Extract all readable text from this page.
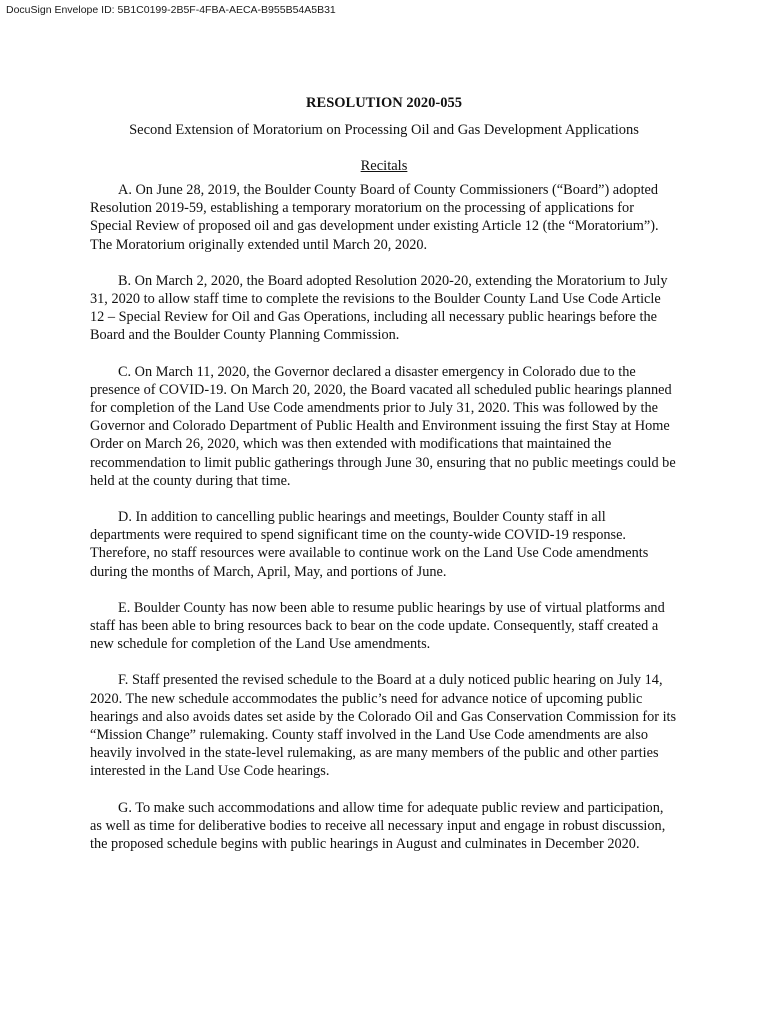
DocuSign Envelope ID: 5B1C0199-2B5F-4FBA-AECA-B955B54A5B31

RESOLUTION 2020-055

Second Extension of Moratorium on Processing Oil and Gas Development Applications

Recitals

A. On June 28, 2019, the Boulder County Board of County Commissioners (“Board”) adopted Resolution 2019-59, establishing a temporary moratorium on the processing of applications for Special Review of proposed oil and gas development under existing Article 12 (the “Moratorium”). The Moratorium originally extended until March 20, 2020.

B. On March 2, 2020, the Board adopted Resolution 2020-20, extending the Moratorium to July 31, 2020 to allow staff time to complete the revisions to the Boulder County Land Use Code Article 12 – Special Review for Oil and Gas Operations, including all necessary public hearings before the Board and the Boulder County Planning Commission.

C. On March 11, 2020, the Governor declared a disaster emergency in Colorado due to the presence of COVID-19. On March 20, 2020, the Board vacated all scheduled public hearings planned for completion of the Land Use Code amendments prior to July 31, 2020. This was followed by the Governor and Colorado Department of Public Health and Environment issuing the first Stay at Home Order on March 26, 2020, which was then extended with modifications that maintained the recommendation to limit public gatherings through June 30, ensuring that no public meetings could be held at the county during that time.

D. In addition to cancelling public hearings and meetings, Boulder County staff in all departments were required to spend significant time on the county-wide COVID-19 response. Therefore, no staff resources were available to continue work on the Land Use Code amendments during the months of March, April, May, and portions of June.

E. Boulder County has now been able to resume public hearings by use of virtual platforms and staff has been able to bring resources back to bear on the code update. Consequently, staff created a new schedule for completion of the Land Use amendments.

F. Staff presented the revised schedule to the Board at a duly noticed public hearing on July 14, 2020. The new schedule accommodates the public’s need for advance notice of upcoming public hearings and also avoids dates set aside by the Colorado Oil and Gas Conservation Commission for its “Mission Change” rulemaking. County staff involved in the Land Use Code amendments are also heavily involved in the state-level rulemaking, as are many members of the public and other parties interested in the Land Use Code hearings.

G. To make such accommodations and allow time for adequate public review and participation, as well as time for deliberative bodies to receive all necessary input and engage in robust discussion, the proposed schedule begins with public hearings in August and culminates in December 2020.
